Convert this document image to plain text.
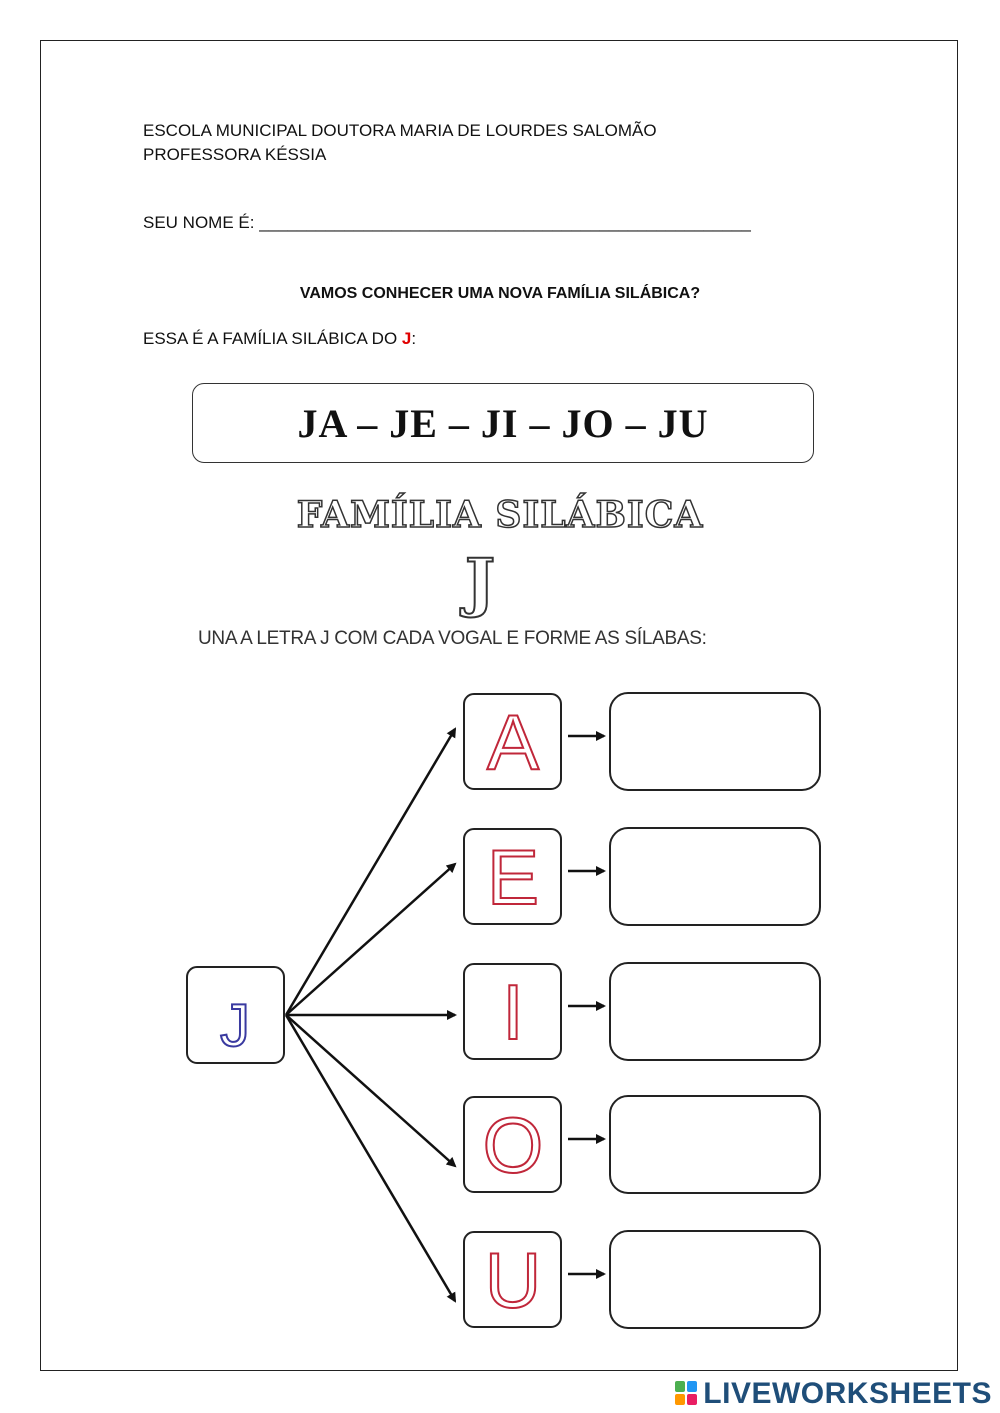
ESCOLA MUNICIPAL DOUTORA MARIA DE LOURDES SALOMÃO
PROFESSORA KÉSSIA
SEU NOME É: ____________________________________________________
VAMOS CONHECER UMA NOVA FAMÍLIA SILÁBICA?
ESSA É A FAMÍLIA SILÁBICA DO J:
JA – JE – JI – JO – JU
FAMÍLIA SILÁBICA
J
UNA A LETRA J COM CADA VOGAL E FORME AS SÍLABAS:
J
A
E
I
O
U
LIVEWORKSHEETS
